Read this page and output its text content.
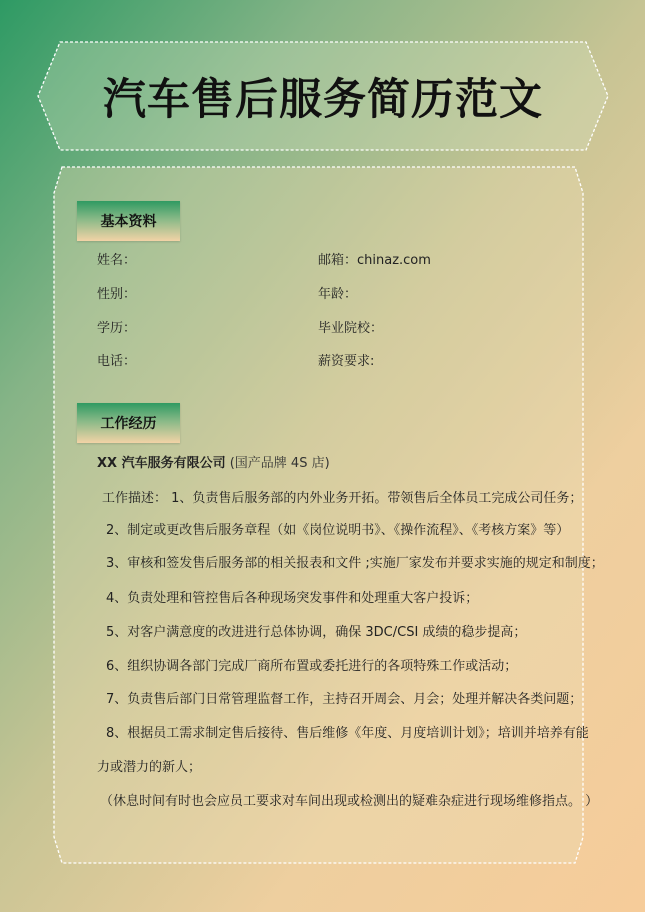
汽车售后服务简历范文
基本资料
姓名：	邮箱：chinaz.com
性别：	年龄：
学历：	毕业院校：
电话：	薪资要求:
工作经历
XX 汽车服务有限公司 (国产品牌 4S 店)
工作描述： 1、负责售后服务部的内外业务开拓。带领售后全体员工完成公司任务；
2、制定或更改售后服务章程（如《岗位说明书》、《操作流程》、《考核方案》等）
3、审核和签发售后服务部的相关报表和文件 ;实施厂家发布并要求实施的规定和制度；
4、负责处理和管控售后各种现场突发事件和处理重大客户投诉；
5、对客户满意度的改进进行总体协调，确保 3DC/CSI 成绩的稳步提高；
6、组织协调各部门完成厂商所布置或委托进行的各项特殊工作或活动；
7、负责售后部门日常管理监督工作，主持召开周会、月会；处理并解决各类问题；
8、根据员工需求制定售后接待、售后维修《年度、月度培训计划》；培训并培养有能
力或潜力的新人；
（休息时间有时也会应员工要求对车间出现或检测出的疑难杂症进行现场维修指点。 ）
